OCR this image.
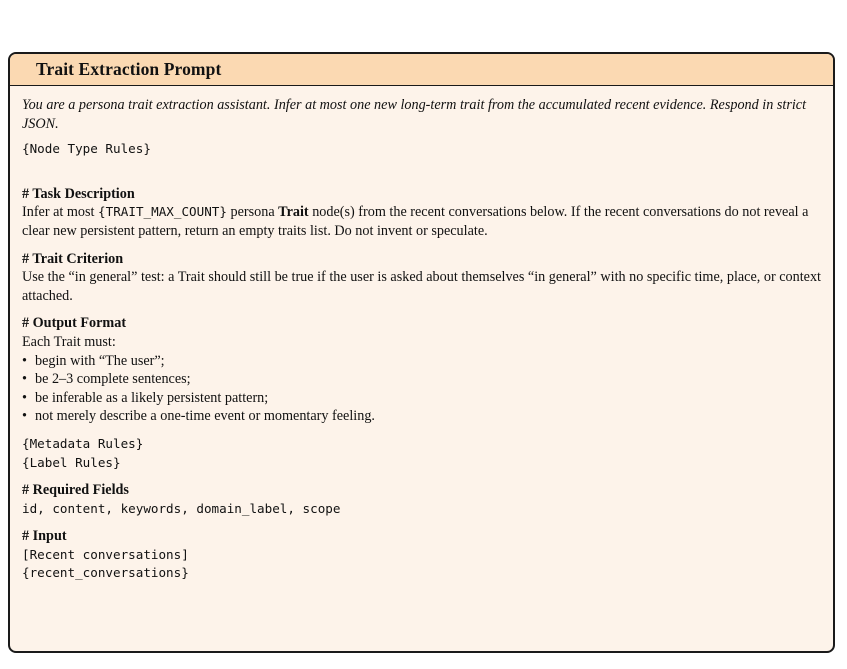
Trait Extraction Prompt

You are a persona trait extraction assistant. Infer at most one new long-term trait from the accumulated recent evidence. Respond in strict JSON.

{Node Type Rules}

# Task Description

Infer at most {TRAIT_MAX_COUNT} persona Trait node(s) from the recent conversations below. If the recent conversations do not reveal a clear new persistent pattern, return an empty traits list. Do not invent or speculate.

# Trait Criterion

Use the “in general” test: a Trait should still be true if the user is asked about themselves “in general” with no specific time, place, or context attached.

# Output Format

Each Trait must:

• begin with “The user”;
• be 2–3 complete sentences;
• be inferable as a likely persistent pattern;
• not merely describe a one-time event or momentary feeling.

{Metadata Rules}

{Label Rules}

# Required Fields

id, content, keywords, domain_label, scope

# Input

[Recent conversations]

{recent_conversations}
